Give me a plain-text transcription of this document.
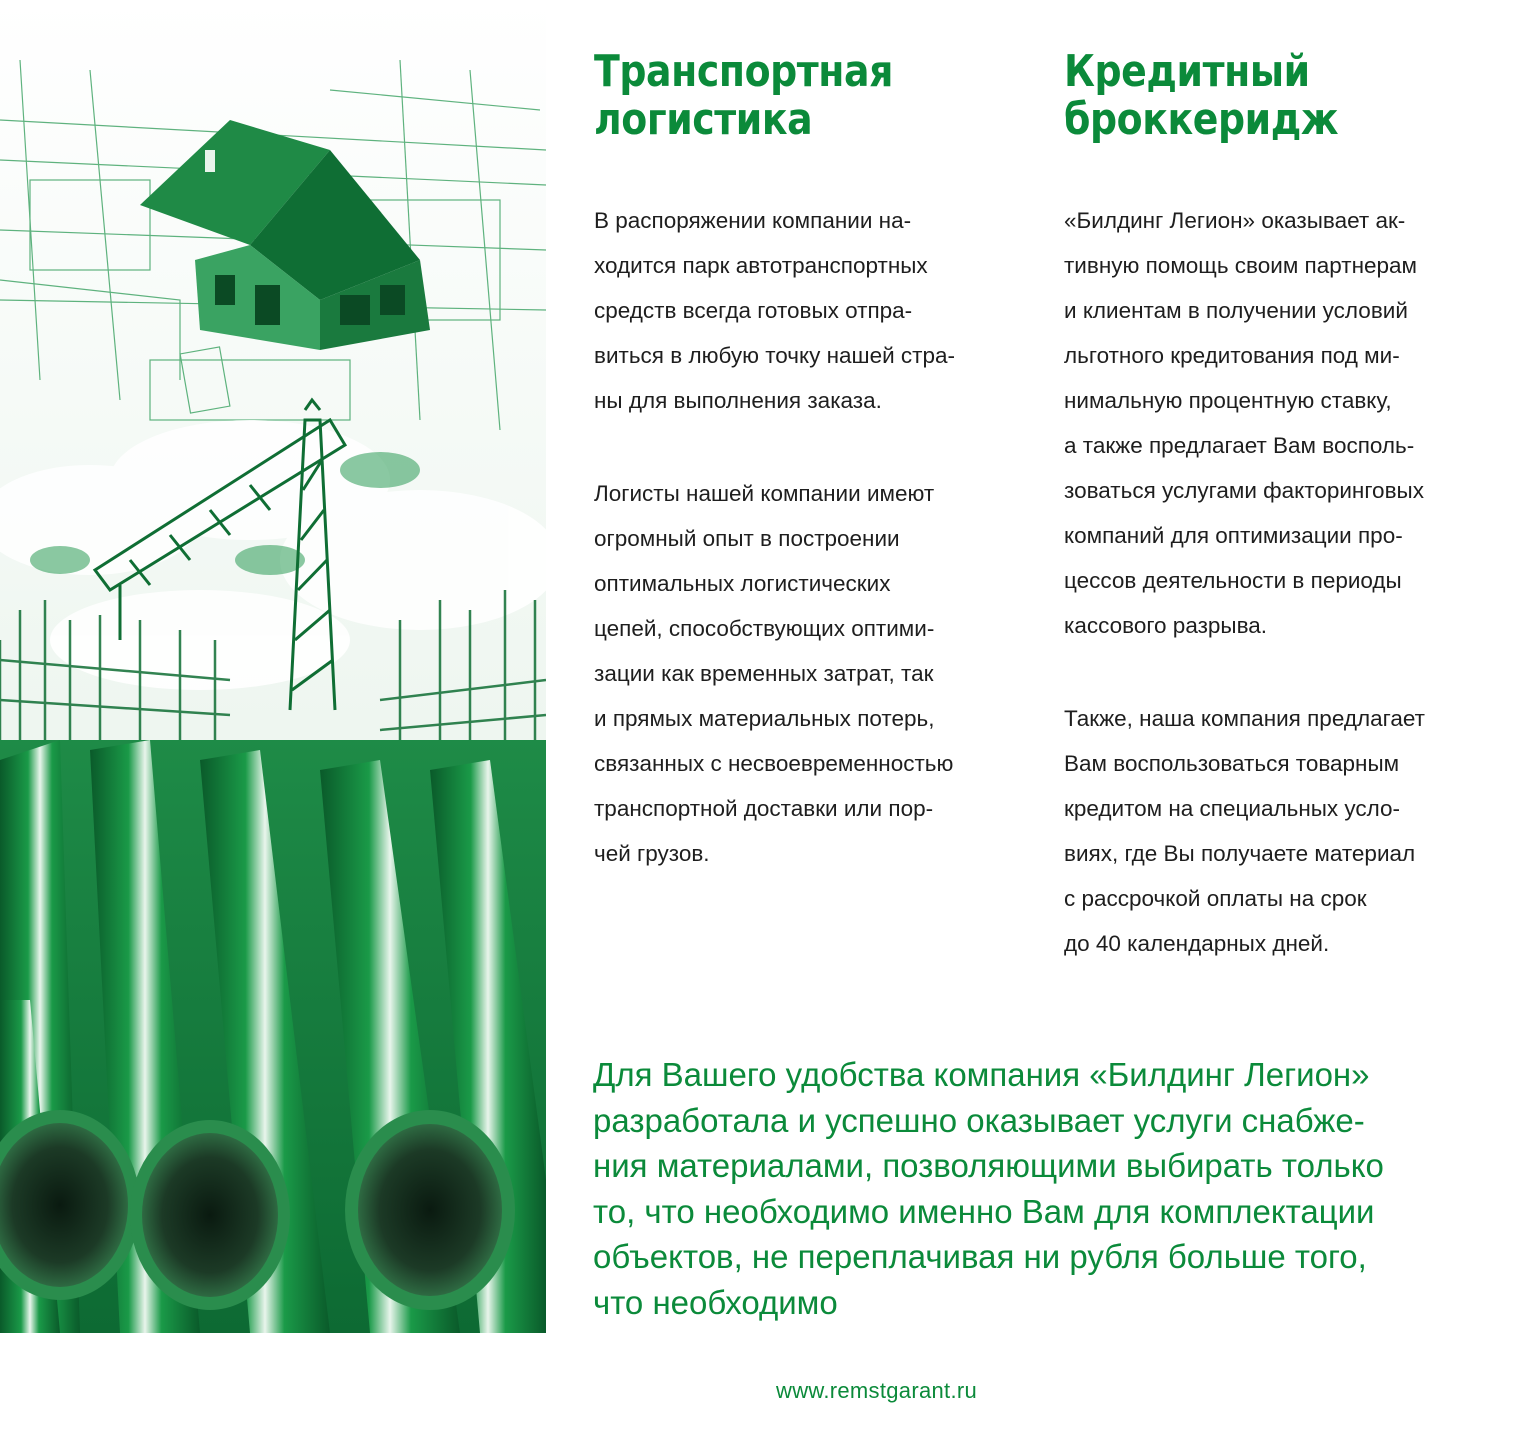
Транспортная
логистика

В распоряжении компании на-
ходится парк автотранспортных
средств всегда готовых отпра-
виться в любую точку нашей стра-
ны для выполнения заказа.

Логисты нашей компании имеют
огромный опыт в построении
оптимальных логистических
цепей, способствующих оптими-
зации как временных затрат, так
и прямых материальных потерь,
связанных с несвоевременностью
транспортной доставки или пор-
чей грузов.

Кредитный
броккеридж

«Билдинг Легион» оказывает ак-
тивную помощь своим партнерам
и клиентам в получении условий
льготного кредитования под ми-
нимальную процентную ставку,
а также предлагает Вам восполь-
зоваться услугами факторинговых
компаний для оптимизации про-
цессов деятельности в периоды
кассового разрыва.

Также, наша компания предлагает
Вам воспользоваться товарным
кредитом на специальных усло-
виях, где Вы получаете материал
с рассрочкой оплаты на срок
до 40 календарных дней.

Для Вашего удобства компания «Билдинг Легион»
разработала и успешно оказывает услуги снабже-
ния материалами, позволяющими выбирать только
то, что необходимо именно Вам для комплектации
объектов, не переплачивая ни рубля больше того,
что необходимо
www.remstgarant.ru
